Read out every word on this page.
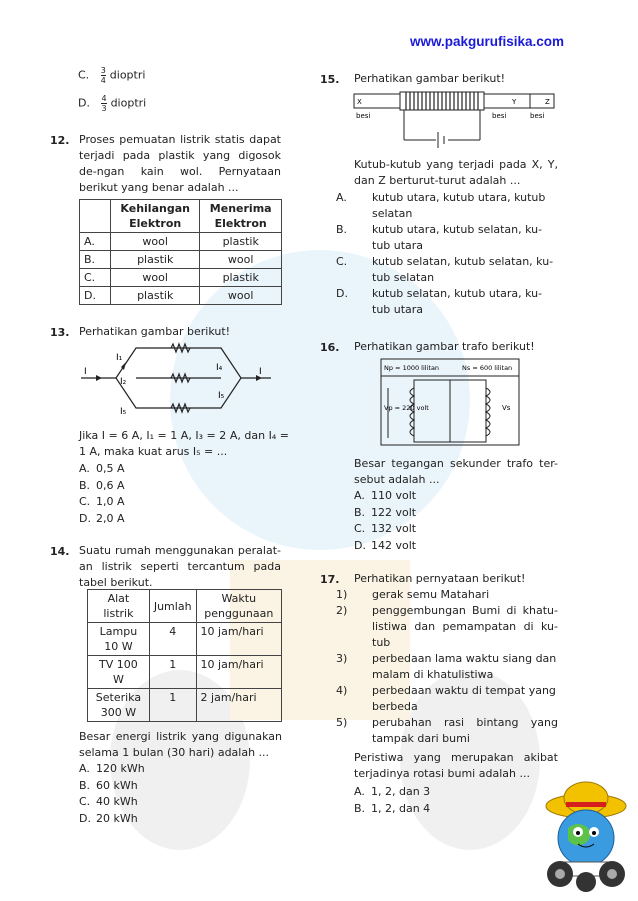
www.pakgurufisika.com
C. $\frac{3}{4}$ dioptri
D. $\frac{4}{3}$ dioptri
12. Proses pemuatan listrik statis dapat terjadi pada plastik yang digosok de-ngan kain wol. Pernyataan berikut yang benar adalah ...
	Kehilangan Elektron	Menerima Elektron
A.	wool	plastik
B.	plastik	wool
C.	wool	plastik
D.	plastik	wool
13. Perhatikan gambar berikut!
I
I₁
I₂
I₅
I₄
I₅
I
Jika I = 6 A, I₁ = 1 A, I₃ = 2 A, dan I₄ = 1 A, maka kuat arus I₅ = ...
A. 0,5 A
B. 0,6 A
C. 1,0 A
D. 2,0 A
14. Suatu rumah menggunakan peralat-an listrik seperti tercantum pada tabel berikut.
Alat listrik	Jumlah	Waktu penggunaan
Lampu 10 W	4	10 jam/hari
TV 100 W	1	10 jam/hari
Seterika 300 W	1	2 jam/hari
Besar energi listrik yang digunakan selama 1 bulan (30 hari) adalah ...
A. 120 kWh
B. 60 kWh
C. 40 kWh
D. 20 kWh
15. Perhatikan gambar berikut!
X	Y	Z
besi	besi	besi
Kutub-kutub yang terjadi pada X, Y, dan Z berturut-turut adalah ...
A. kutub utara, kutub utara, kutub selatan
B. kutub utara, kutub selatan, ku-tub utara
C. kutub selatan, kutub selatan, ku-tub selatan
D. kutub selatan, kutub utara, ku-tub utara
16. Perhatikan gambar trafo berikut!
Np = 1000 lilitan	Ns = 600 lilitan
Vp = 220 volt	Vs
Besar tegangan sekunder trafo ter-sebut adalah ...
A. 110 volt
B. 122 volt
C. 132 volt
D. 142 volt
17. Perhatikan pernyataan berikut!
1) gerak semu Matahari
2) penggembungan Bumi di khatu-listiwa dan pemampatan di ku-tub
3) perbedaan lama waktu siang dan malam di khatulistiwa
4) perbedaan waktu di tempat yang berbeda
5) perubahan rasi bintang yang tampak dari bumi
Peristiwa yang merupakan akibat terjadinya rotasi bumi adalah ...
A. 1, 2, dan 3
B. 1, 2, dan 4
